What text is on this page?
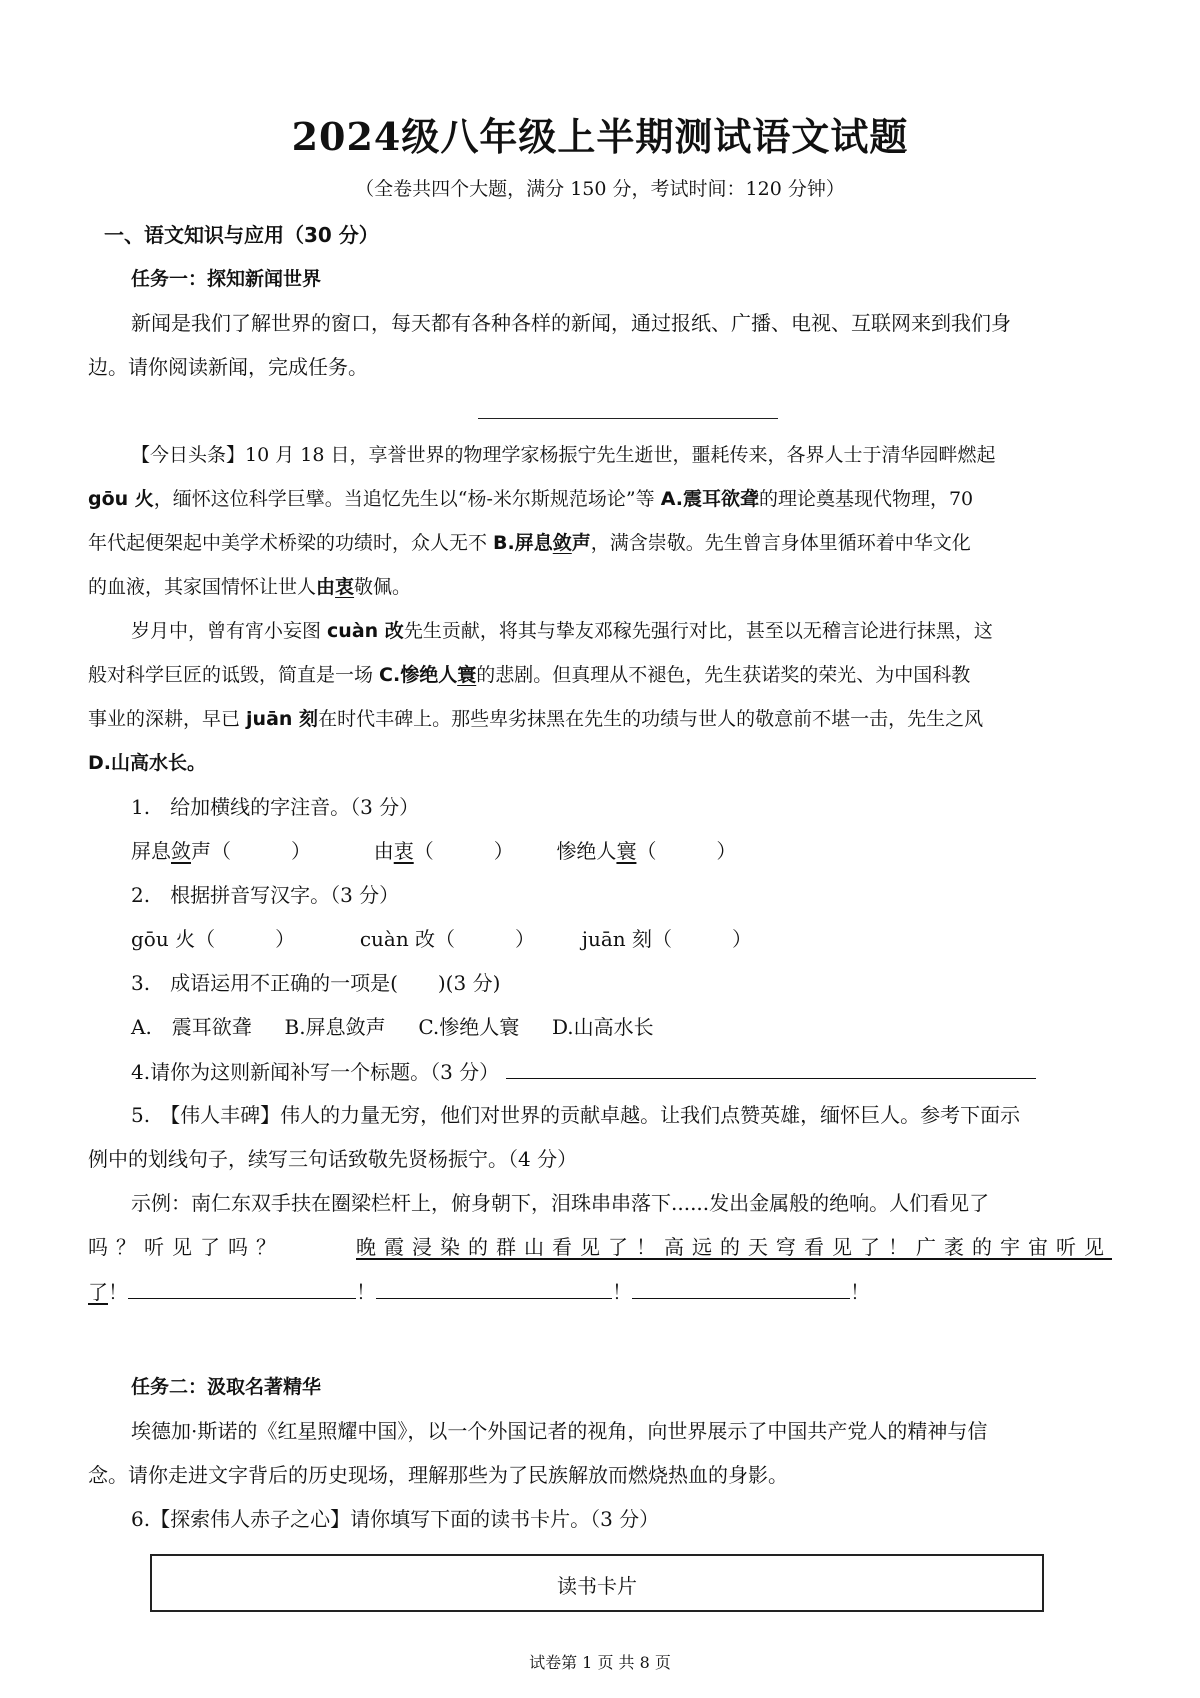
2024级八年级上半期测试语文试题
（全卷共四个大题，满分 150 分，考试时间：120 分钟）
一、语文知识与应用（30 分）
任务一：探知新闻世界
新闻是我们了解世界的窗口，每天都有各种各样的新闻，通过报纸、广播、电视、互联网来到我们身
边。请你阅读新闻，完成任务。
【今日头条】10 月 18 日，享誉世界的物理学家杨振宁先生逝世，噩耗传来，各界人士于清华园畔燃起
gōu 火，缅怀这位科学巨擘。当追忆先生以“杨-米尔斯规范场论”等 A.震耳欲聋的理论奠基现代物理，70
年代起便架起中美学术桥梁的功绩时，众人无不 B.屏息敛声，满含崇敬。先生曾言身体里循环着中华文化
的血液，其家国情怀让世人由衷敬佩。
岁月中，曾有宵小妄图 cuàn 改先生贡献，将其与挚友邓稼先强行对比，甚至以无稽言论进行抹黑，这
般对科学巨匠的诋毁，简直是一场 C.惨绝人寰的悲剧。但真理从不褪色，先生获诺奖的荣光、为中国科教
事业的深耕，早已 juān 刻在时代丰碑上。那些卑劣抹黑在先生的功绩与世人的敬意前不堪一击，先生之风
D.山高水长。
1.　给加横线的字注音。（3 分）
屏息敛声（　　　）	由衷（　　　） 惨绝人寰（　　　）
2.　根据拼音写汉字。（3 分）
gōu 火（　　　）	cuàn 改（　　　） juān 刻（　　　）
3.　成语运用不正确的一项是(　　)(3 分)
A.　震耳欲聋 B.屏息敛声 C.惨绝人寰 D.山高水长
4.请你为这则新闻补写一个标题。（3 分）
5.　【伟人丰碑】伟人的力量无穷，他们对世界的贡献卓越。让我们点赞英雄，缅怀巨人。参考下面示
例中的划线句子，续写三句话致敬先贤杨振宁。（4 分）
示例：南仁东双手扶在圈梁栏杆上，俯身朝下，泪珠串串落下......发出金属般的绝响。人们看见了
吗？听见了吗？	晚霞浸染的群山看见了！高远的天穹看见了！广袤的宇宙听见
了！	！	！	！
任务二：汲取名著精华
埃德加·斯诺的《红星照耀中国》，以一个外国记者的视角，向世界展示了中国共产党人的精神与信
念。请你走进文字背后的历史现场，理解那些为了民族解放而燃烧热血的身影。
6.【探索伟人赤子之心】请你填写下面的读书卡片。（3 分）
读书卡片
试卷第 1 页 共 8 页
